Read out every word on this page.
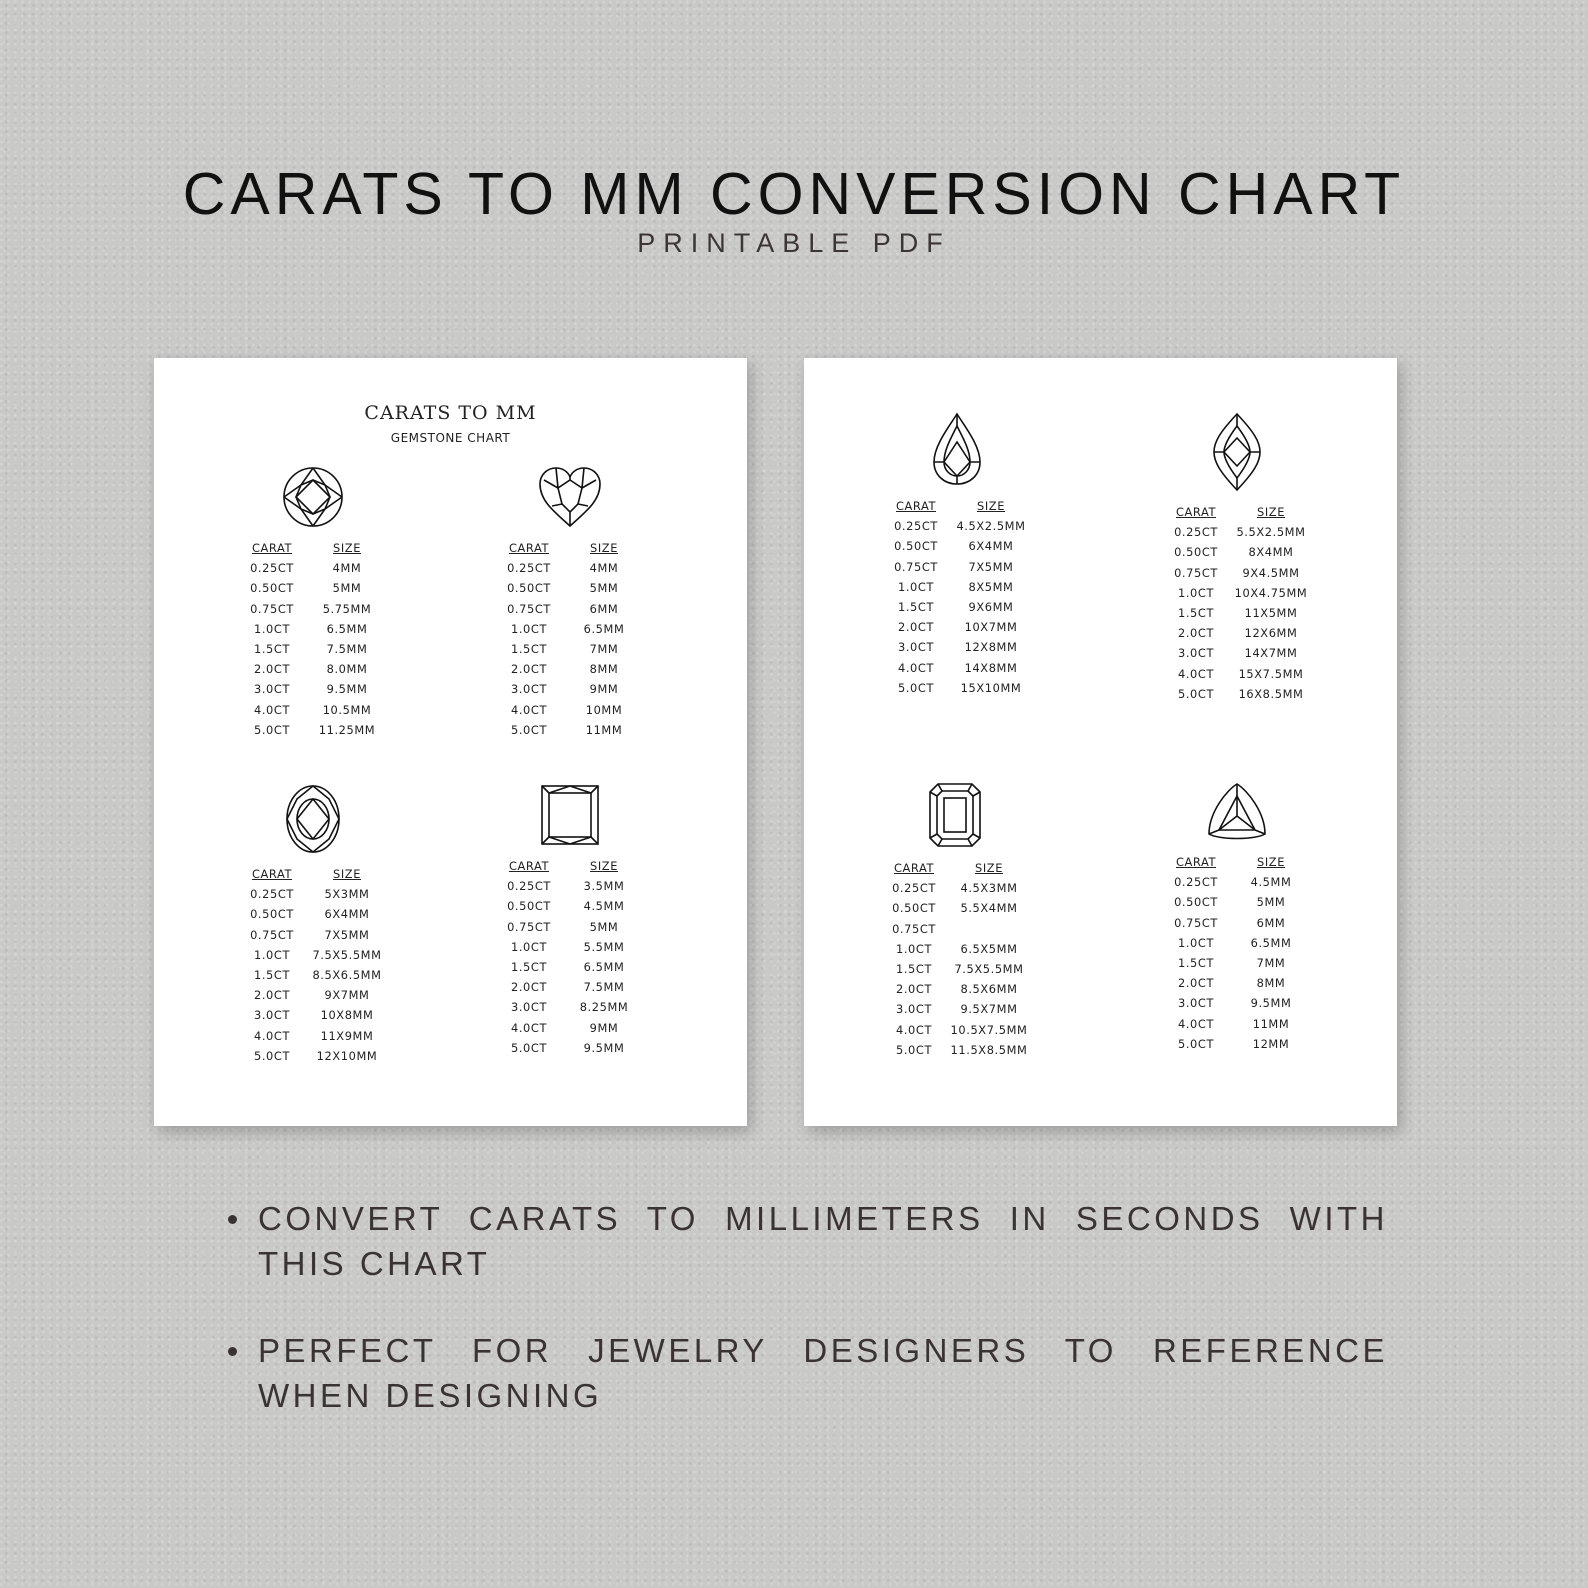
CARATS TO MM CONVERSION CHART
PRINTABLE PDF
CARATS TO MM
GEMSTONE CHART
CARAT	SIZE
0.25CT	4MM
0.50CT	5MM
0.75CT	5.75MM
1.0CT	6.5MM
1.5CT	7.5MM
2.0CT	8.0MM
3.0CT	9.5MM
4.0CT	10.5MM
5.0CT	11.25MM
CARAT	SIZE
0.25CT	4MM
0.50CT	5MM
0.75CT	6MM
1.0CT	6.5MM
1.5CT	7MM
2.0CT	8MM
3.0CT	9MM
4.0CT	10MM
5.0CT	11MM
CARAT	SIZE
0.25CT	5X3MM
0.50CT	6X4MM
0.75CT	7X5MM
1.0CT	7.5X5.5MM
1.5CT	8.5X6.5MM
2.0CT	9X7MM
3.0CT	10X8MM
4.0CT	11X9MM
5.0CT	12X10MM
CARAT	SIZE
0.25CT	3.5MM
0.50CT	4.5MM
0.75CT	5MM
1.0CT	5.5MM
1.5CT	6.5MM
2.0CT	7.5MM
3.0CT	8.25MM
4.0CT	9MM
5.0CT	9.5MM
CARAT	SIZE
0.25CT	4.5X2.5MM
0.50CT	6X4MM
0.75CT	7X5MM
1.0CT	8X5MM
1.5CT	9X6MM
2.0CT	10X7MM
3.0CT	12X8MM
4.0CT	14X8MM
5.0CT	15X10MM
CARAT	SIZE
0.25CT	5.5X2.5MM
0.50CT	8X4MM
0.75CT	9X4.5MM
1.0CT	10X4.75MM
1.5CT	11X5MM
2.0CT	12X6MM
3.0CT	14X7MM
4.0CT	15X7.5MM
5.0CT	16X8.5MM
CARAT	SIZE
0.25CT	4.5X3MM
0.50CT	5.5X4MM
0.75CT
1.0CT	6.5X5MM
1.5CT	7.5X5.5MM
2.0CT	8.5X6MM
3.0CT	9.5X7MM
4.0CT	10.5X7.5MM
5.0CT	11.5X8.5MM
CARAT	SIZE
0.25CT	4.5MM
0.50CT	5MM
0.75CT	6MM
1.0CT	6.5MM
1.5CT	7MM
2.0CT	8MM
3.0CT	9.5MM
4.0CT	11MM
5.0CT	12MM
CONVERT CARATS TO MILLIMETERS IN SECONDS WITH THIS CHART
PERFECT FOR JEWELRY DESIGNERS TO REFERENCE WHEN DESIGNING
